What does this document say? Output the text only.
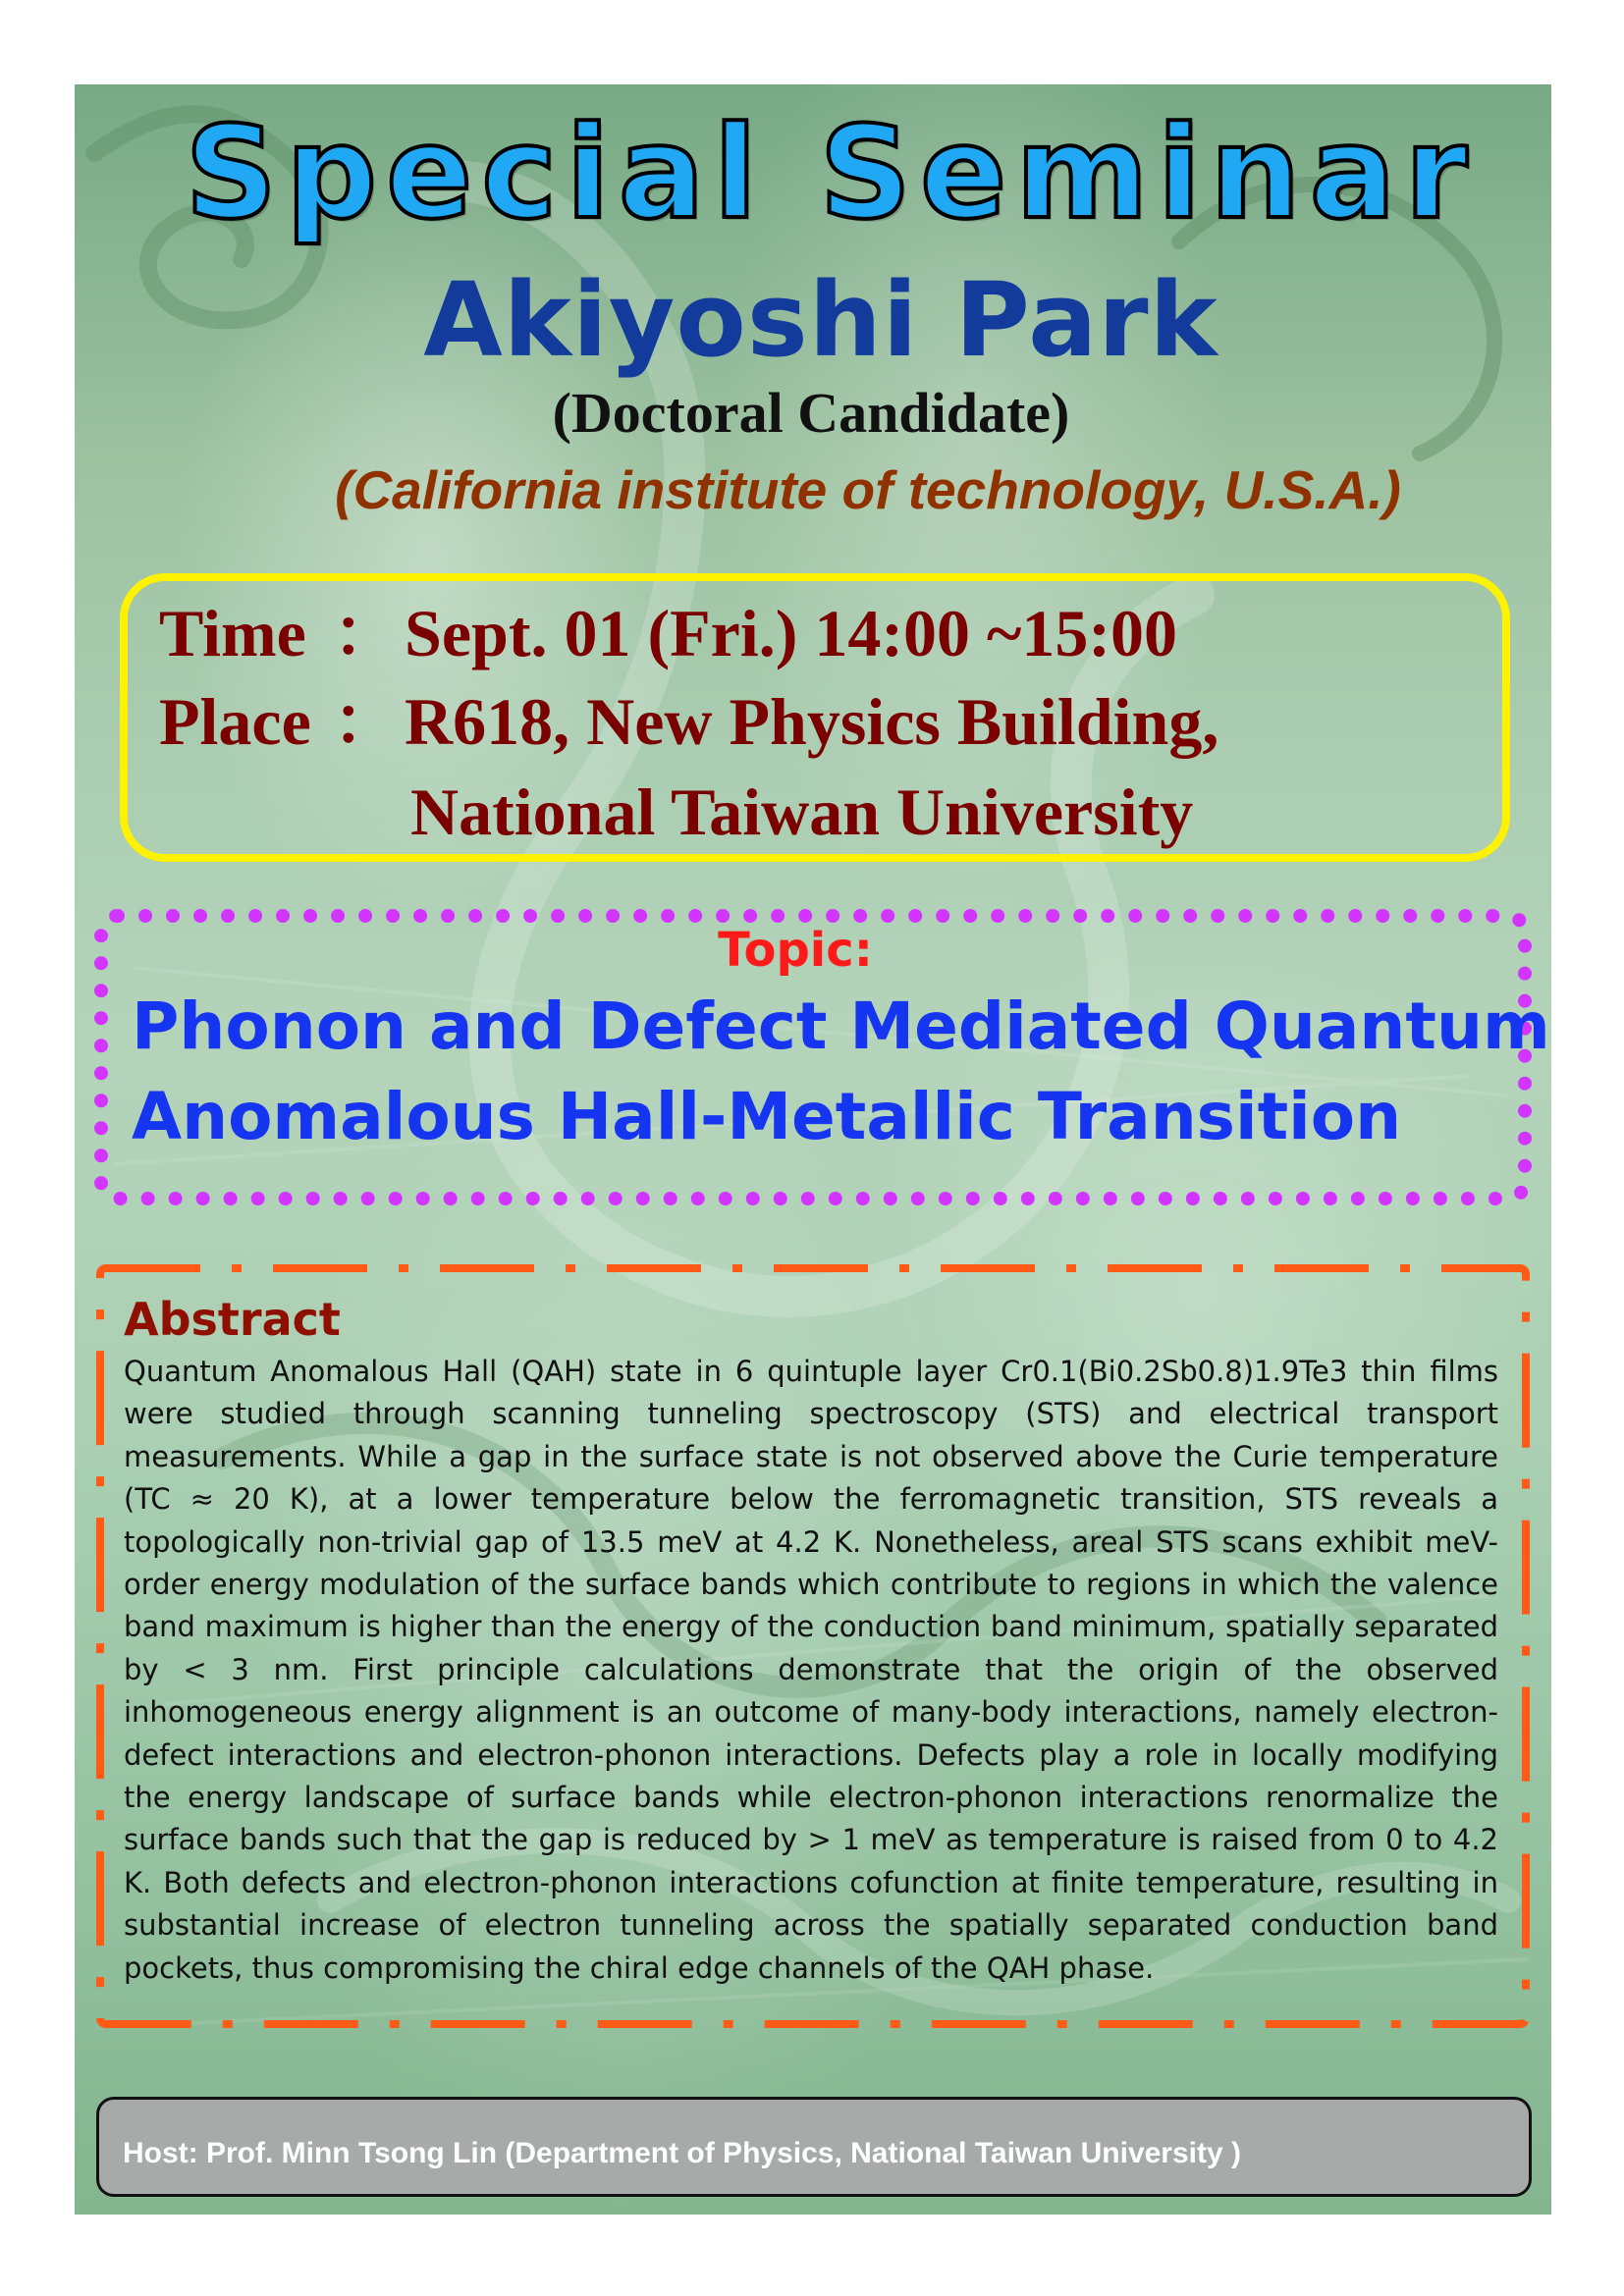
Special Seminar
Akiyoshi Park
(Doctoral Candidate)
(California institute of technology, U.S.A.)
Time ： Sept. 01 (Fri.) 14:00 ~15:00
Place ： R618, New Physics Building,
National Taiwan University
Topic:
Phonon and Defect Mediated Quantum
Anomalous Hall-Metallic Transition
Abstract

Quantum Anomalous Hall (QAH) state in 6 quintuple layer Cr0.1(Bi0.2Sb0.8)1.9Te3 thin films were studied through scanning tunneling spectroscopy (STS) and electrical transport measurements. While a gap in the surface state is not observed above the Curie temperature (TC ≈ 20 K), at a lower temperature below the ferromagnetic transition, STS reveals a topologically non-trivial gap of 13.5 meV at 4.2 K. Nonetheless, areal STS scans exhibit meV-order energy modulation of the surface bands which contribute to regions in which the valence band maximum is higher than the energy of the conduction band minimum, spatially separated by < 3 nm. First principle calculations demonstrate that the origin of the observed inhomogeneous energy alignment is an outcome of many-body interactions, namely electron-defect interactions and electron-phonon interactions. Defects play a role in locally modifying the energy landscape of surface bands while electron-phonon interactions renormalize the surface bands such that the gap is reduced by > 1 meV as temperature is raised from 0 to 4.2 K. Both defects and electron-phonon interactions cofunction at finite temperature, resulting in substantial increase of electron tunneling across the spatially separated conduction band pockets, thus compromising the chiral edge channels of the QAH phase.

Host: Prof. Minn Tsong Lin (Department of Physics, National Taiwan University )
